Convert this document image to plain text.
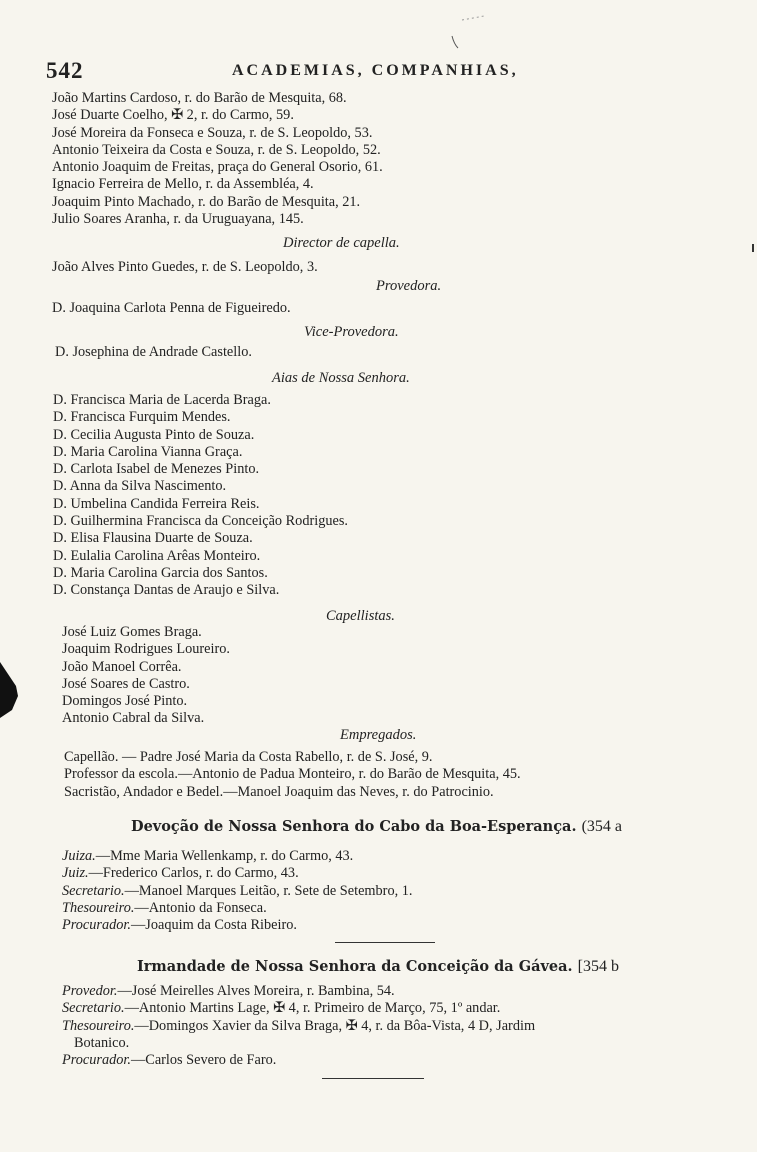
542	ACADEMIAS, COMPANHIAS,
João Martins Cardoso, r. do Barão de Mesquita, 68.
José Duarte Coelho, ✠ 2, r. do Carmo, 59.
José Moreira da Fonseca e Souza, r. de S. Leopoldo, 53.
Antonio Teixeira da Costa e Souza, r. de S. Leopoldo, 52.
Antonio Joaquim de Freitas, praça do General Osorio, 61.
Ignacio Ferreira de Mello, r. da Assembléa, 4.
Joaquim Pinto Machado, r. do Barão de Mesquita, 21.
Julio Soares Aranha, r. da Uruguayana, 145.
Director de capella.
João Alves Pinto Guedes, r. de S. Leopoldo, 3.
Provedora.
D. Joaquina Carlota Penna de Figueiredo.
Vice-Provedora.
D. Josephina de Andrade Castello.
Aias de Nossa Senhora.
D. Francisca Maria de Lacerda Braga.
D. Francisca Furquim Mendes.
D. Cecilia Augusta Pinto de Souza.
D. Maria Carolina Vianna Graça.
D. Carlota Isabel de Menezes Pinto.
D. Anna da Silva Nascimento.
D. Umbelina Candida Ferreira Reis.
D. Guilhermina Francisca da Conceição Rodrigues.
D. Elisa Flausina Duarte de Souza.
D. Eulalia Carolina Arêas Monteiro.
D. Maria Carolina Garcia dos Santos.
D. Constança Dantas de Araujo e Silva.
Capellistas.
José Luiz Gomes Braga.
Joaquim Rodrigues Loureiro.
João Manoel Corrêa.
José Soares de Castro.
Domingos José Pinto.
Antonio Cabral da Silva.
Empregados.
Capellão. — Padre José Maria da Costa Rabello, r. de S. José, 9.
Professor da escola.—Antonio de Padua Monteiro, r. do Barão de Mesquita, 45.
Sacristão, Andador e Bedel.—Manoel Joaquim das Neves, r. do Patrocinio.
Devoção de Nossa Senhora do Cabo da Boa-Esperança. (354 a
Juiza.—Mme Maria Wellenkamp, r. do Carmo, 43.
Juiz.—Frederico Carlos, r. do Carmo, 43.
Secretario.—Manoel Marques Leitão, r. Sete de Setembro, 1.
Thesoureiro.—Antonio da Fonseca.
Procurador.—Joaquim da Costa Ribeiro.
Irmandade de Nossa Senhora da Conceição da Gávea. [354 b
Provedor.—José Meirelles Alves Moreira, r. Bambina, 54.
Secretario.—Antonio Martins Lage, ✠ 4, r. Primeiro de Março, 75, 1º andar.
Thesoureiro.—Domingos Xavier da Silva Braga, ✠ 4, r. da Bôa-Vista, 4 D, Jardim
Botanico.
Procurador.—Carlos Severo de Faro.
